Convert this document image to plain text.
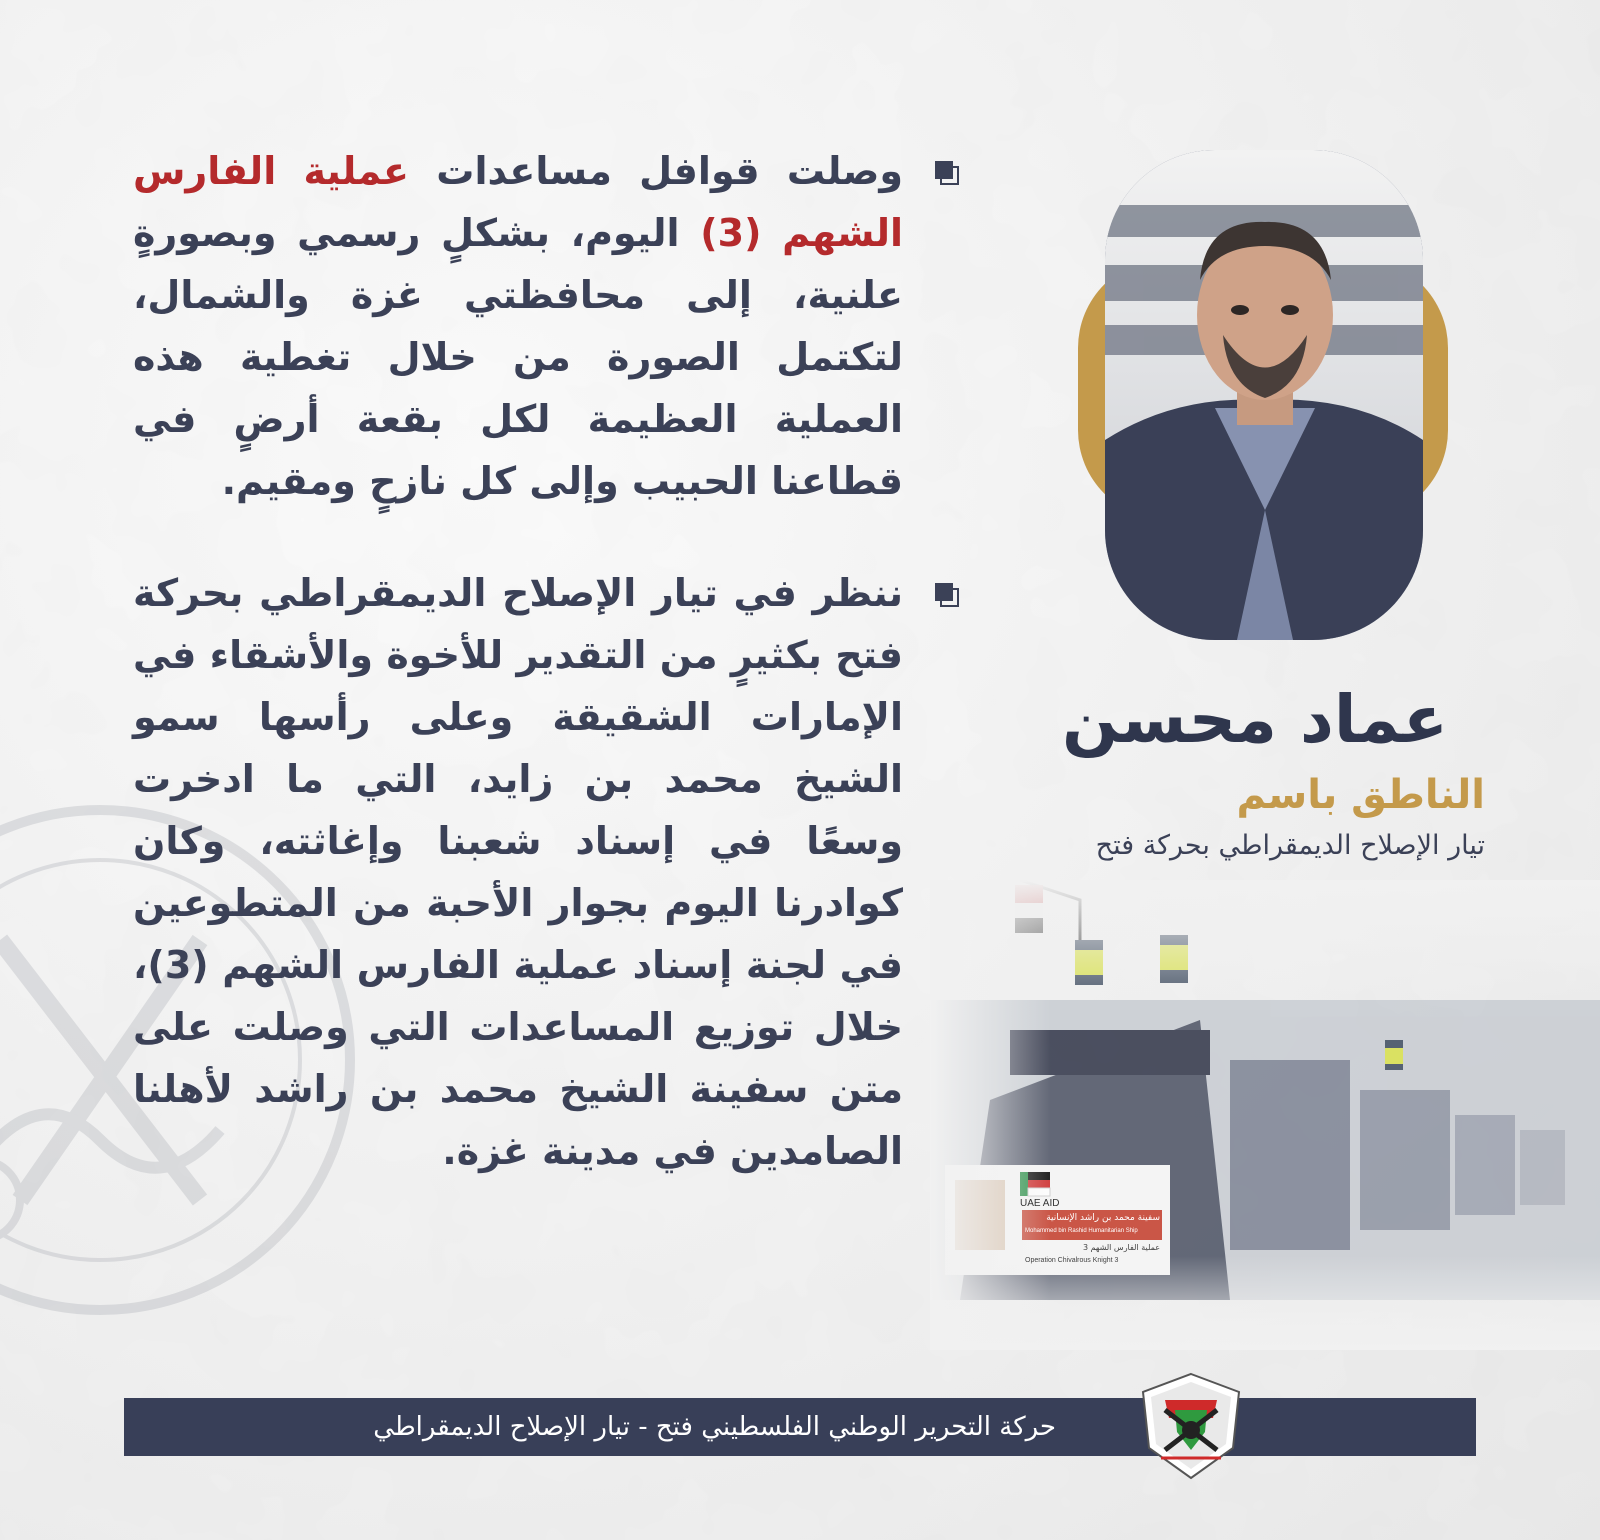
وصلت قوافل مساعدات عملية الفارس الشهم (3) اليوم، بشكلٍ رسمي وبصورةٍ علنية، إلى محافظتي غزة والشمال، لتكتمل الصورة من خلال تغطية هذه العملية العظيمة لكل بقعة أرضٍ في قطاعنا الحبيب وإلى كل نازحٍ ومقيم.

ننظر في تيار الإصلاح الديمقراطي بحركة فتح بكثيرٍ من التقدير للأخوة والأشقاء في الإمارات الشقيقة وعلى رأسها سمو الشيخ محمد بن زايد، التي ما ادخرت وسعًا في إسناد شعبنا وإغاثته، وكان كوادرنا اليوم بجوار الأحبة من المتطوعين في لجنة إسناد عملية الفارس الشهم (3)، خلال توزيع المساعدات التي وصلت على متن سفينة الشيخ محمد بن راشد لأهلنا الصامدين في مدينة غزة.

عماد محسن
الناطق باسم
تيار الإصلاح الديمقراطي بحركة فتح
UAE AID
سفينة محمد بن راشد الإنسانية
Mohammed bin Rashid Humanitarian Ship
عملية الفارس الشهم 3
Operation Chivalrous Knight 3
حركة التحرير الوطني الفلسطيني فتح - تيار الإصلاح الديمقراطي
